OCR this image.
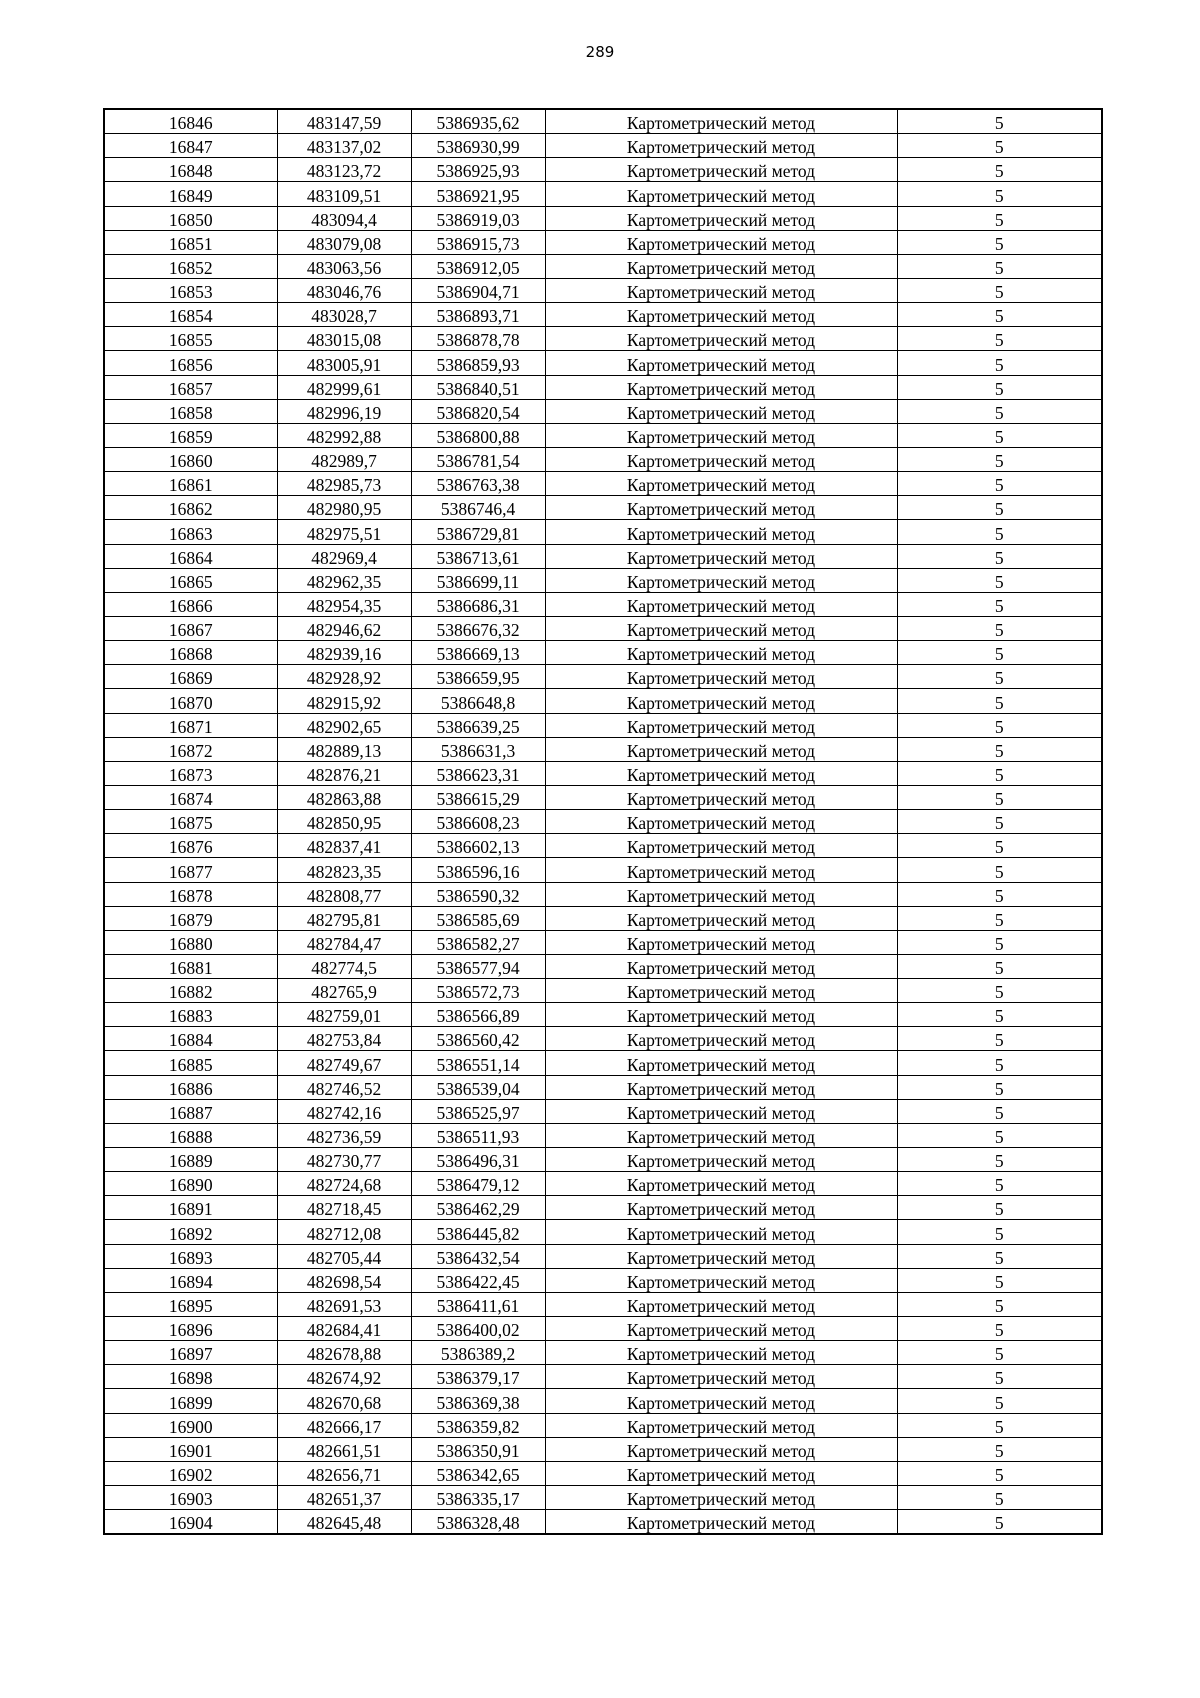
289
16846	483147,59	5386935,62	Картометрический метод	5
16847	483137,02	5386930,99	Картометрический метод	5
16848	483123,72	5386925,93	Картометрический метод	5
16849	483109,51	5386921,95	Картометрический метод	5
16850	483094,4	5386919,03	Картометрический метод	5
16851	483079,08	5386915,73	Картометрический метод	5
16852	483063,56	5386912,05	Картометрический метод	5
16853	483046,76	5386904,71	Картометрический метод	5
16854	483028,7	5386893,71	Картометрический метод	5
16855	483015,08	5386878,78	Картометрический метод	5
16856	483005,91	5386859,93	Картометрический метод	5
16857	482999,61	5386840,51	Картометрический метод	5
16858	482996,19	5386820,54	Картометрический метод	5
16859	482992,88	5386800,88	Картометрический метод	5
16860	482989,7	5386781,54	Картометрический метод	5
16861	482985,73	5386763,38	Картометрический метод	5
16862	482980,95	5386746,4	Картометрический метод	5
16863	482975,51	5386729,81	Картометрический метод	5
16864	482969,4	5386713,61	Картометрический метод	5
16865	482962,35	5386699,11	Картометрический метод	5
16866	482954,35	5386686,31	Картометрический метод	5
16867	482946,62	5386676,32	Картометрический метод	5
16868	482939,16	5386669,13	Картометрический метод	5
16869	482928,92	5386659,95	Картометрический метод	5
16870	482915,92	5386648,8	Картометрический метод	5
16871	482902,65	5386639,25	Картометрический метод	5
16872	482889,13	5386631,3	Картометрический метод	5
16873	482876,21	5386623,31	Картометрический метод	5
16874	482863,88	5386615,29	Картометрический метод	5
16875	482850,95	5386608,23	Картометрический метод	5
16876	482837,41	5386602,13	Картометрический метод	5
16877	482823,35	5386596,16	Картометрический метод	5
16878	482808,77	5386590,32	Картометрический метод	5
16879	482795,81	5386585,69	Картометрический метод	5
16880	482784,47	5386582,27	Картометрический метод	5
16881	482774,5	5386577,94	Картометрический метод	5
16882	482765,9	5386572,73	Картометрический метод	5
16883	482759,01	5386566,89	Картометрический метод	5
16884	482753,84	5386560,42	Картометрический метод	5
16885	482749,67	5386551,14	Картометрический метод	5
16886	482746,52	5386539,04	Картометрический метод	5
16887	482742,16	5386525,97	Картометрический метод	5
16888	482736,59	5386511,93	Картометрический метод	5
16889	482730,77	5386496,31	Картометрический метод	5
16890	482724,68	5386479,12	Картометрический метод	5
16891	482718,45	5386462,29	Картометрический метод	5
16892	482712,08	5386445,82	Картометрический метод	5
16893	482705,44	5386432,54	Картометрический метод	5
16894	482698,54	5386422,45	Картометрический метод	5
16895	482691,53	5386411,61	Картометрический метод	5
16896	482684,41	5386400,02	Картометрический метод	5
16897	482678,88	5386389,2	Картометрический метод	5
16898	482674,92	5386379,17	Картометрический метод	5
16899	482670,68	5386369,38	Картометрический метод	5
16900	482666,17	5386359,82	Картометрический метод	5
16901	482661,51	5386350,91	Картометрический метод	5
16902	482656,71	5386342,65	Картометрический метод	5
16903	482651,37	5386335,17	Картометрический метод	5
16904	482645,48	5386328,48	Картометрический метод	5
